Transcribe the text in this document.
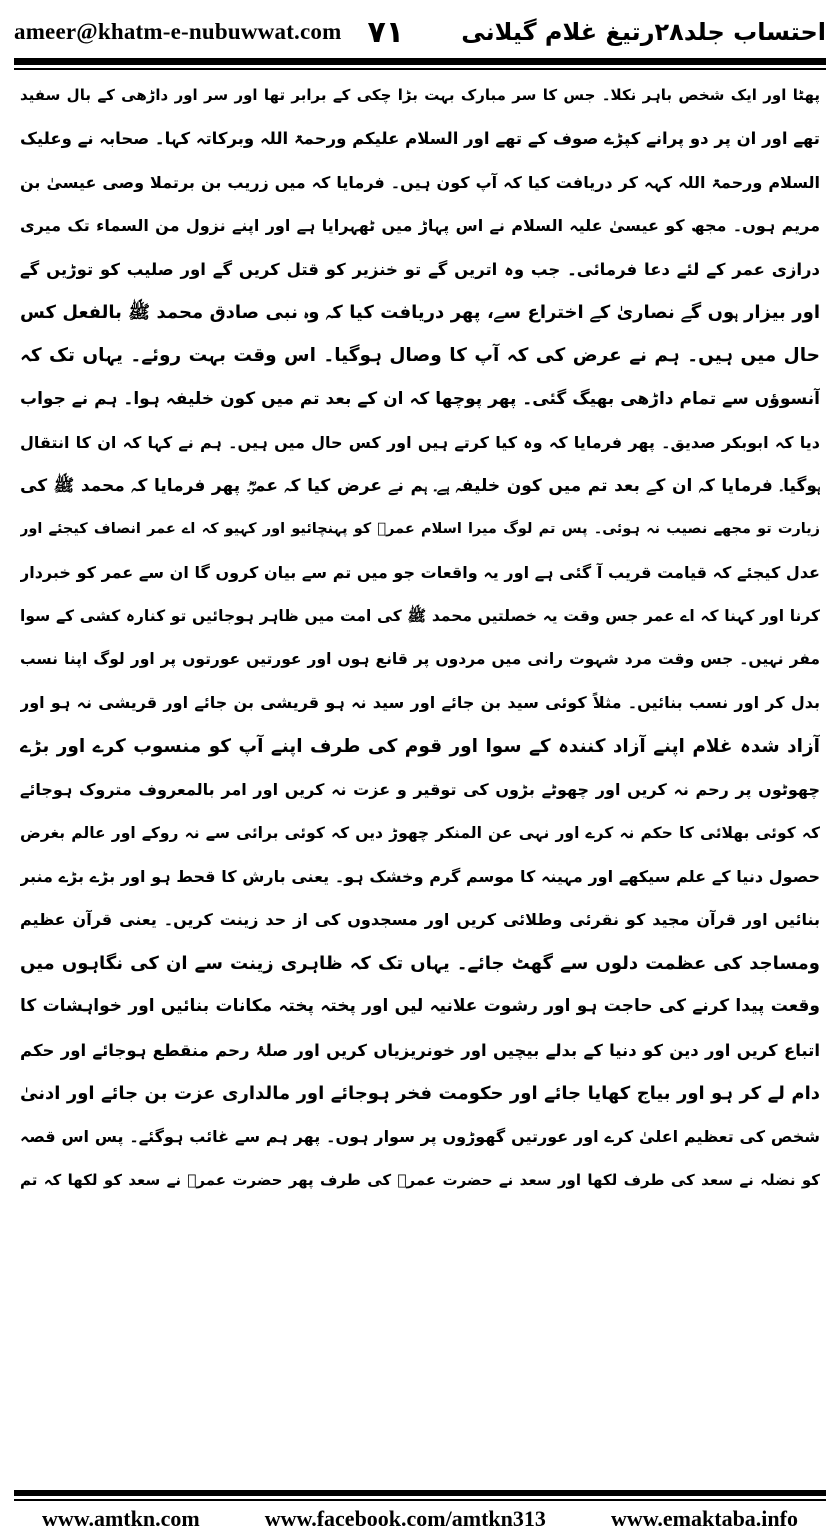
ameer@khatm-e-nubuwwat.com ۷۱ احتساب جلد۲۸رتیغ غلام گیلانی
پھٹا اور ایک شخص باہر نکلا۔ جس کا سر مبارک بہت بڑا چکی کے برابر تھا اور سر اور داڑھی کے بال سفید
تھے اور ان پر دو پرانے کپڑے صوف کے تھے اور السلام علیکم ورحمۃ اللہ وبرکاتہ کہا۔ صحابہ نے وعلیک
السلام ورحمۃ اللہ کہہ کر دریافت کیا کہ آپ کون ہیں۔ فرمایا کہ میں زریب بن برتملا وصی عیسیٰ بن
مریم ہوں۔ مجھ کو عیسیٰ علیہ السلام نے اس پہاڑ میں ٹھہرایا ہے اور اپنے نزول من السماء تک میری
درازی عمر کے لئے دعا فرمائی۔ جب وہ اتریں گے تو خنزیر کو قتل کریں گے اور صلیب کو توڑیں گے
اور بیزار ہوں گے نصاریٰ کے اختراع سے، پھر دریافت کیا کہ وہ نبی صادق محمد ﷺ بالفعل کس
حال میں ہیں۔ ہم نے عرض کی کہ آپ کا وصال ہوگیا۔ اس وقت بہت روئے۔ یہاں تک کہ
آنسوؤں سے تمام داڑھی بھیگ گئی۔ پھر پوچھا کہ ان کے بعد تم میں کون خلیفہ ہوا۔ ہم نے جواب
دیا کہ ابوبکر صدیق۔ پھر فرمایا کہ وہ کیا کرتے ہیں اور کس حال میں ہیں۔ ہم نے کہا کہ ان کا انتقال
ہوگیا۔ فرمایا کہ ان کے بعد تم میں کون خلیفہ ہے۔ ہم نے عرض کیا کہ عمرؓ۔ پھر فرمایا کہ محمد ﷺ کی
زیارت تو مجھے نصیب نہ ہوئی۔ پس تم لوگ میرا اسلام عمرؓ کو پہنچائیو اور کہیو کہ اے عمر انصاف کیجئے اور
عدل کیجئے کہ قیامت قریب آ گئی ہے اور یہ واقعات جو میں تم سے بیان کروں گا ان سے عمر کو خبردار
کرنا اور کہنا کہ اے عمر جس وقت یہ خصلتیں محمد ﷺ کی امت میں ظاہر ہوجائیں تو کنارہ کشی کے سوا
مفر نہیں۔ جس وقت مرد شہوت رانی میں مردوں پر قانع ہوں اور عورتیں عورتوں پر اور لوگ اپنا نسب
بدل کر اور نسب بنائیں۔ مثلاً کوئی سید بن جائے اور سید نہ ہو قریشی بن جائے اور قریشی نہ ہو اور
آزاد شدہ غلام اپنے آزاد کنندہ کے سوا اور قوم کی طرف اپنے آپ کو منسوب کرے اور بڑے
چھوٹوں پر رحم نہ کریں اور چھوٹے بڑوں کی توقیر و عزت نہ کریں اور امر بالمعروف متروک ہوجائے
کہ کوئی بھلائی کا حکم نہ کرے اور نہی عن المنکر چھوڑ دیں کہ کوئی برائی سے نہ روکے اور عالم بغرض
حصول دنیا کے علم سیکھے اور مہینہ کا موسم گرم وخشک ہو۔ یعنی بارش کا قحط ہو اور بڑے بڑے منبر
بنائیں اور قرآن مجید کو نقرئی وطلائی کریں اور مسجدوں کی از حد زینت کریں۔ یعنی قرآن عظیم
ومساجد کی عظمت دلوں سے گھٹ جائے۔ یہاں تک کہ ظاہری زینت سے ان کی نگاہوں میں
وقعت پیدا کرنے کی حاجت ہو اور رشوت علانیہ لیں اور پختہ پختہ مکانات بنائیں اور خواہشات کا
اتباع کریں اور دین کو دنیا کے بدلے بیچیں اور خونریزیاں کریں اور صلۂ رحم منقطع ہوجائے اور حکم
دام لے کر ہو اور بیاج کھایا جائے اور حکومت فخر ہوجائے اور مالداری عزت بن جائے اور ادنیٰ
شخص کی تعظیم اعلیٰ کرے اور عورتیں گھوڑوں پر سوار ہوں۔ پھر ہم سے غائب ہوگئے۔ پس اس قصہ
کو نضلہ نے سعد کی طرف لکھا اور سعد نے حضرت عمرؓ کی طرف پھر حضرت عمرؓ نے سعد کو لکھا کہ تم
www.amtkn.com	www.facebook.com/amtkn313	www.emaktaba.info
